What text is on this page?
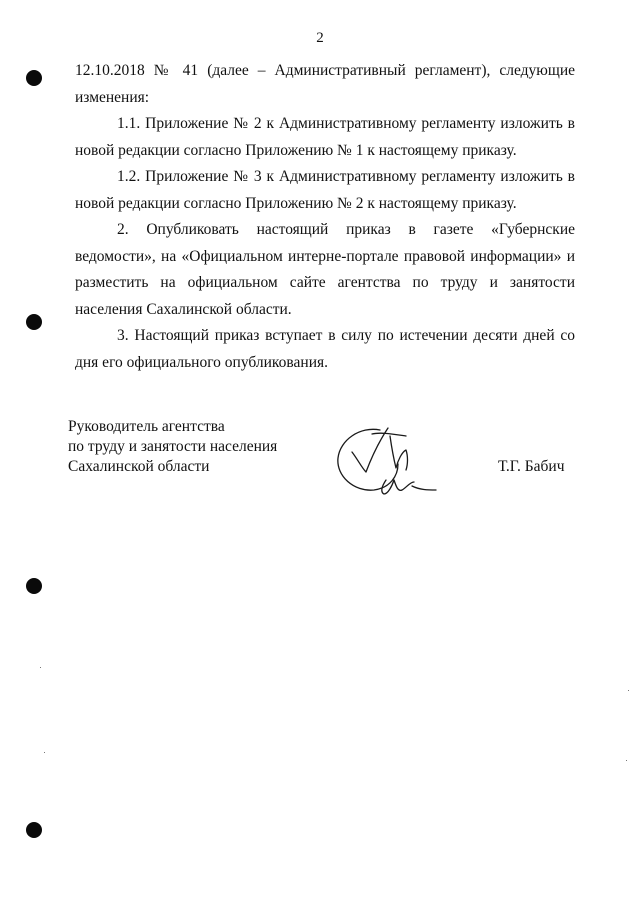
2

12.10.2018 № 41 (далее – Административный регламент), следующие изменения:

1.1. Приложение № 2 к Административному регламенту изложить в новой редакции согласно Приложению № 1 к настоящему приказу.

1.2. Приложение № 3 к Административному регламенту изложить в новой редакции согласно Приложению № 2 к настоящему приказу.

2. Опубликовать настоящий приказ в газете «Губернские ведомости», на «Официальном интерне-портале правовой информации» и разместить на официальном сайте агентства по труду и занятости населения Сахалинской области.

3. Настоящий приказ вступает в силу по истечении десяти дней со дня его официального опубликования.

Руководитель агентства
по труду и занятости населения
Сахалинской области	Т.Г. Бабич
